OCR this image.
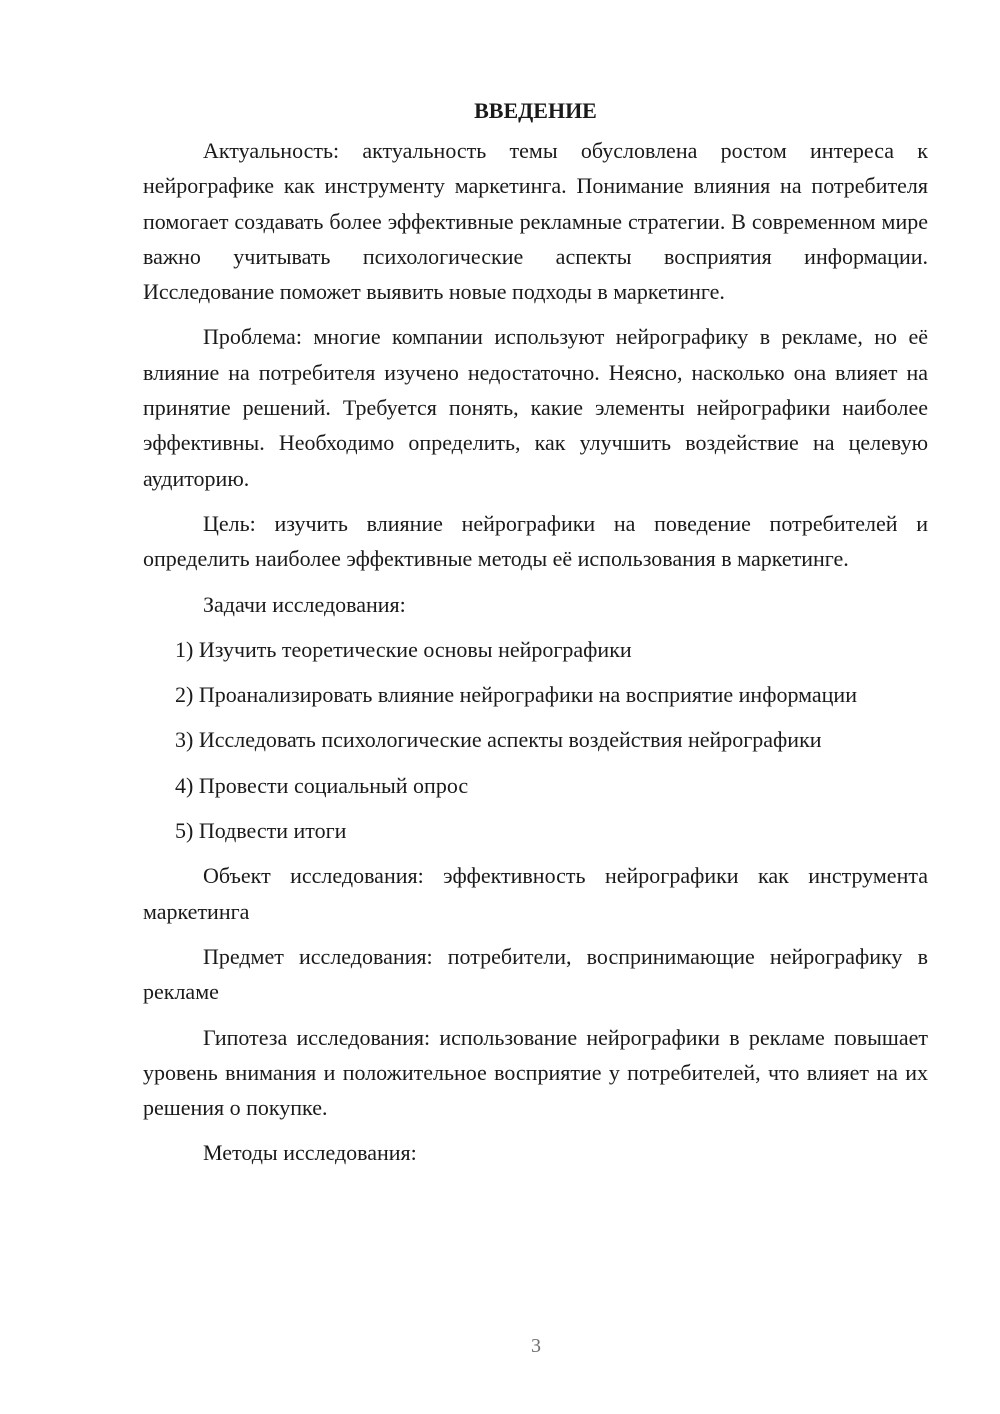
ВВЕДЕНИЕ

Актуальность: актуальность темы обусловлена ростом интереса к нейрографике как инструменту маркетинга. Понимание влияния на потребителя помогает создавать более эффективные рекламные стратегии. В современном мире важно учитывать психологические аспекты восприятия информации. Исследование поможет выявить новые подходы в маркетинге.

Проблема: многие компании используют нейрографику в рекламе, но её влияние на потребителя изучено недостаточно. Неясно, насколько она влияет на принятие решений. Требуется понять, какие элементы нейрографики наиболее эффективны. Необходимо определить, как улучшить воздействие на целевую аудиторию.

Цель: изучить влияние нейрографики на поведение потребителей и определить наиболее эффективные методы её использования в маркетинге.

Задачи исследования:

1) Изучить теоретические основы нейрографики

2) Проанализировать влияние нейрографики на восприятие информации

3) Исследовать психологические аспекты воздействия нейрографики

4) Провести социальный опрос

5) Подвести итоги

Объект исследования: эффективность нейрографики как инструмента маркетинга

Предмет исследования: потребители, воспринимающие нейрографику в рекламе

Гипотеза исследования: использование нейрографики в рекламе повышает уровень внимания и положительное восприятие у потребителей, что влияет на их решения о покупке.

Методы исследования:

3
